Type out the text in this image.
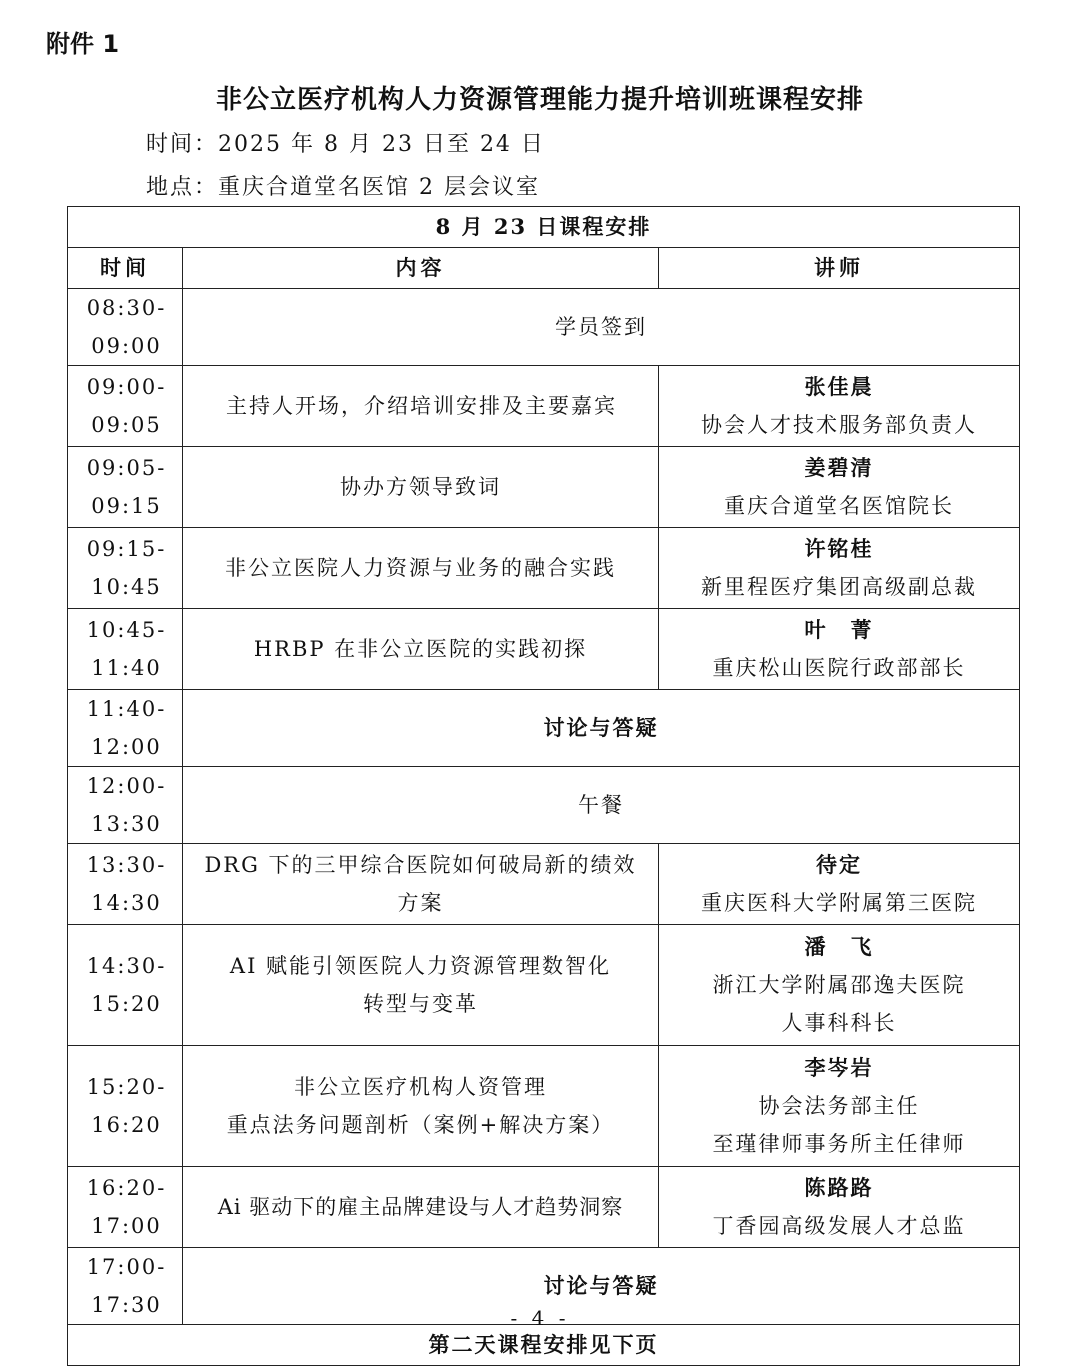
附件 1
非公立医疗机构人力资源管理能力提升培训班课程安排
时间：2025 年 8 月 23 日至 24 日
地点：重庆合道堂名医馆 2 层会议室
8 月 23 日课程安排		
时间	内容	讲师
08:30-09:00	学员签到	
09:00-09:05	主持人开场，介绍培训安排及主要嘉宾	张佳晨
协会人才技术服务部负责人

09:05-09:15	协办方领导致词	姜碧清
重庆合道堂名医馆院长

09:15-10:45	非公立医院人力资源与业务的融合实践	许铭桂
新里程医疗集团高级副总裁

10:45-11:40	HRBP 在非公立医院的实践初探	叶　菁
重庆松山医院行政部部长

11:40-12:00	讨论与答疑	
12:00-13:30	午餐	
13:30-14:30	DRG 下的三甲综合医院如何破局新的绩效
方案	待定
重庆医科大学附属第三医院

14:30-15:20	AI 赋能引领医院人力资源管理数智化
转型与变革	潘　飞
浙江大学附属邵逸夫医院
人事科科长

15:20-16:20	非公立医疗机构人资管理
重点法务问题剖析（案例+解决方案）	李岑岩
协会法务部主任
至瑾律师事务所主任律师

16:20-17:00	Ai 驱动下的雇主品牌建设与人才趋势洞察	陈路路
丁香园高级发展人才总监

17:00-17:30	讨论与答疑	
第二天课程安排见下页		
- 4 -
